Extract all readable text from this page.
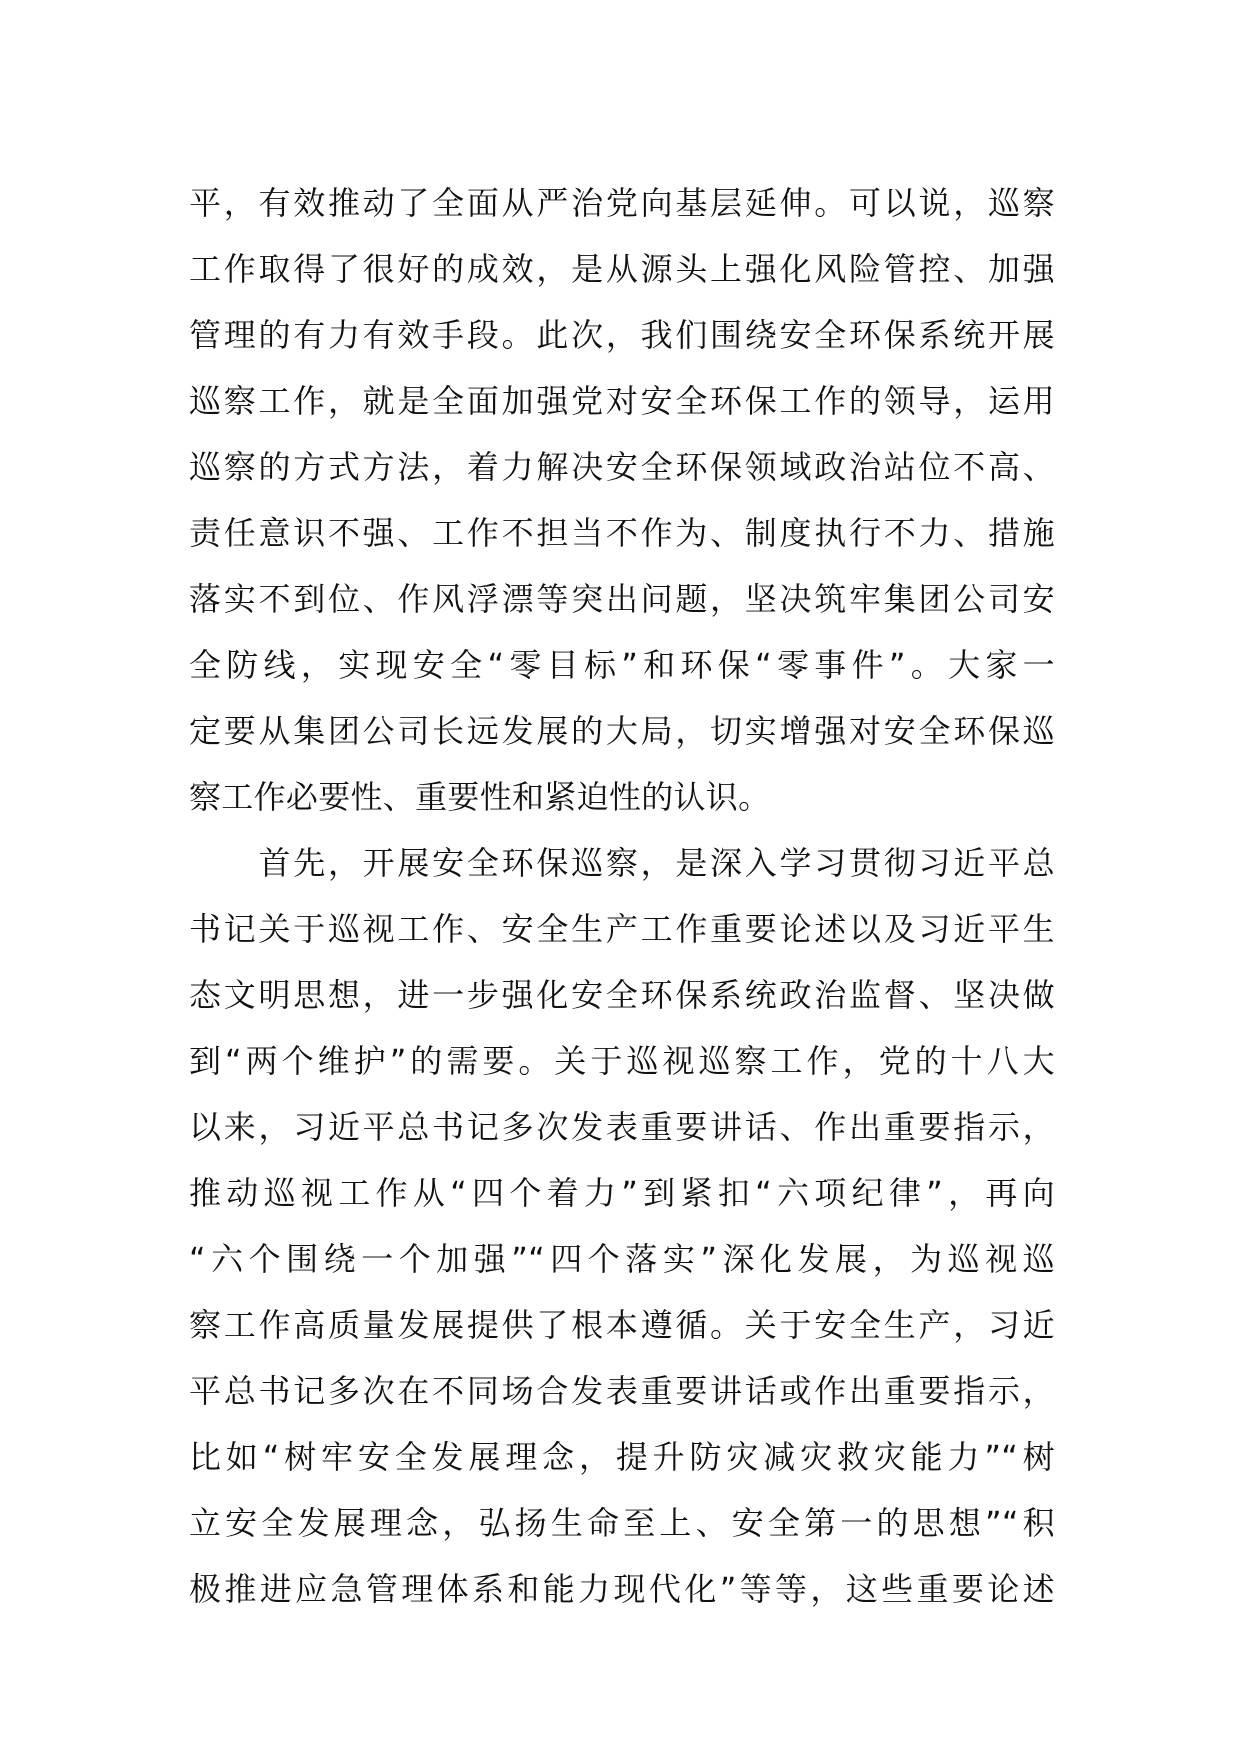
平，有效推动了全面从严治党向基层延伸。可以说，巡察
工作取得了很好的成效，是从源头上强化风险管控、加强
管理的有力有效手段。此次，我们围绕安全环保系统开展
巡察工作，就是全面加强党对安全环保工作的领导，运用
巡察的方式方法，着力解决安全环保领域政治站位不高、
责任意识不强、工作不担当不作为、制度执行不力、措施
落实不到位、作风浮漂等突出问题，坚决筑牢集团公司安
全防线，实现安全“零目标”和环保“零事件”。大家一
定要从集团公司长远发展的大局，切实增强对安全环保巡
察工作必要性、重要性和紧迫性的认识。
　　首先，开展安全环保巡察，是深入学习贯彻习近平总
书记关于巡视工作、安全生产工作重要论述以及习近平生
态文明思想，进一步强化安全环保系统政治监督、坚决做
到“两个维护”的需要。关于巡视巡察工作，党的十八大
以来，习近平总书记多次发表重要讲话、作出重要指示，
推动巡视工作从“四个着力”到紧扣“六项纪律”，再向
“六个围绕一个加强”“四个落实”深化发展，为巡视巡
察工作高质量发展提供了根本遵循。关于安全生产，习近
平总书记多次在不同场合发表重要讲话或作出重要指示，
比如“树牢安全发展理念，提升防灾减灾救灾能力”“树
立安全发展理念，弘扬生命至上、安全第一的思想”“积
极推进应急管理体系和能力现代化”等等，这些重要论述
